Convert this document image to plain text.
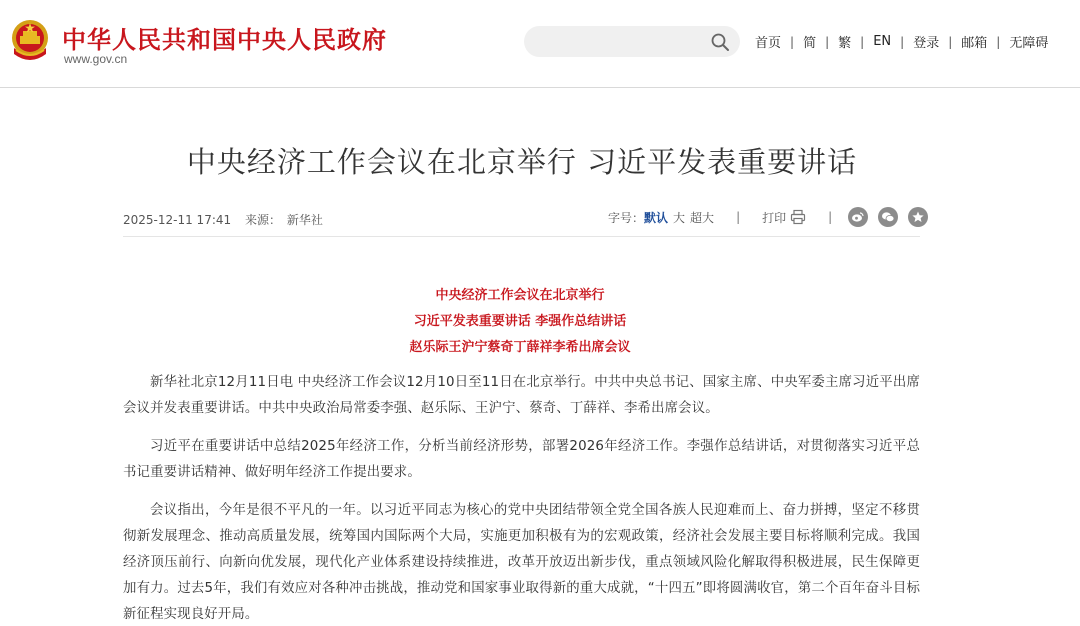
中华人民共和国中央人民政府
www.gov.cn
首页 | 简 | 繁 | EN | 登录 | 邮箱 | 无障碍
中央经济工作会议在北京举行 习近平发表重要讲话
2025-12-11 17:41 来源： 新华社	字号： 默认 大 超大 | 打印	|
中央经济工作会议在北京举行
习近平发表重要讲话 李强作总结讲话
赵乐际王沪宁蔡奇丁薛祥李希出席会议

新华社北京12月11日电 中央经济工作会议12月10日至11日在北京举行。中共中央总书记、国家主席、中央军委主席习近平出席会议并发表重要讲话。中共中央政治局常委李强、赵乐际、王沪宁、蔡奇、丁薛祥、李希出席会议。

习近平在重要讲话中总结2025年经济工作，分析当前经济形势，部署2026年经济工作。李强作总结讲话，对贯彻落实习近平总书记重要讲话精神、做好明年经济工作提出要求。

会议指出，今年是很不平凡的一年。以习近平同志为核心的党中央团结带领全党全国各族人民迎难而上、奋力拼搏，坚定不移贯彻新发展理念、推动高质量发展，统筹国内国际两个大局，实施更加积极有为的宏观政策，经济社会发展主要目标将顺利完成。我国经济顶压前行、向新向优发展，现代化产业体系建设持续推进，改革开放迈出新步伐，重点领域风险化解取得积极进展，民生保障更加有力。过去5年，我们有效应对各种冲击挑战，推动党和国家事业取得新的重大成就，“十四五”即将圆满收官，第二个百年奋斗目标新征程实现良好开局。
